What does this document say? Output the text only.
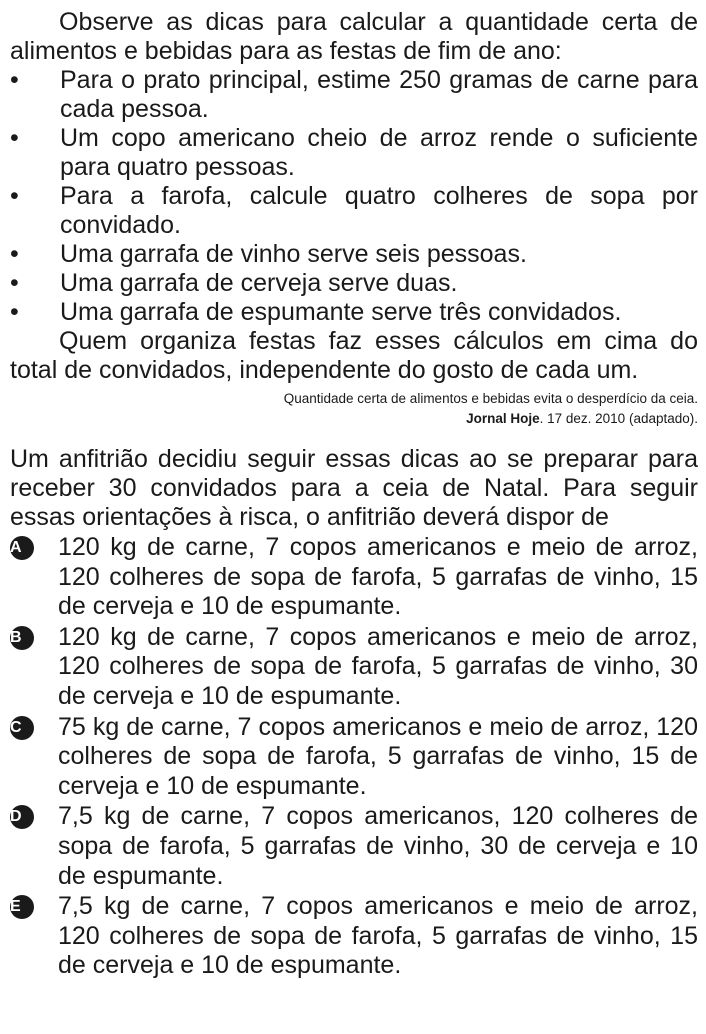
Observe as dicas para calcular a quantidade certa de alimentos e bebidas para as festas de fim de ano:

• Para o prato principal, estime 250 gramas de carne para cada pessoa.
• Um copo americano cheio de arroz rende o suficiente para quatro pessoas.
• Para a farofa, calcule quatro colheres de sopa por convidado.
• Uma garrafa de vinho serve seis pessoas.
• Uma garrafa de cerveja serve duas.
• Uma garrafa de espumante serve três convidados.

Quem organiza festas faz esses cálculos em cima do total de convidados, independente do gosto de cada um.

Quantidade certa de alimentos e bebidas evita o desperdício da ceia.
Jornal Hoje. 17 dez. 2010 (adaptado).

Um anfitrião decidiu seguir essas dicas ao se preparar para receber 30 convidados para a ceia de Natal. Para seguir essas orientações à risca, o anfitrião deverá dispor de

A	120 kg de carne, 7 copos americanos e meio de arroz, 120 colheres de sopa de farofa, 5 garrafas de vinho, 15 de cerveja e 10 de espumante.
B	120 kg de carne, 7 copos americanos e meio de arroz, 120 colheres de sopa de farofa, 5 garrafas de vinho, 30 de cerveja e 10 de espumante.
C	75 kg de carne, 7 copos americanos e meio de arroz, 120 colheres de sopa de farofa, 5 garrafas de vinho, 15 de cerveja e 10 de espumante.
D	7,5 kg de carne, 7 copos americanos, 120 colheres de sopa de farofa, 5 garrafas de vinho, 30 de cerveja e 10 de espumante.
E	7,5 kg de carne, 7 copos americanos e meio de arroz, 120 colheres de sopa de farofa, 5 garrafas de vinho, 15 de cerveja e 10 de espumante.
